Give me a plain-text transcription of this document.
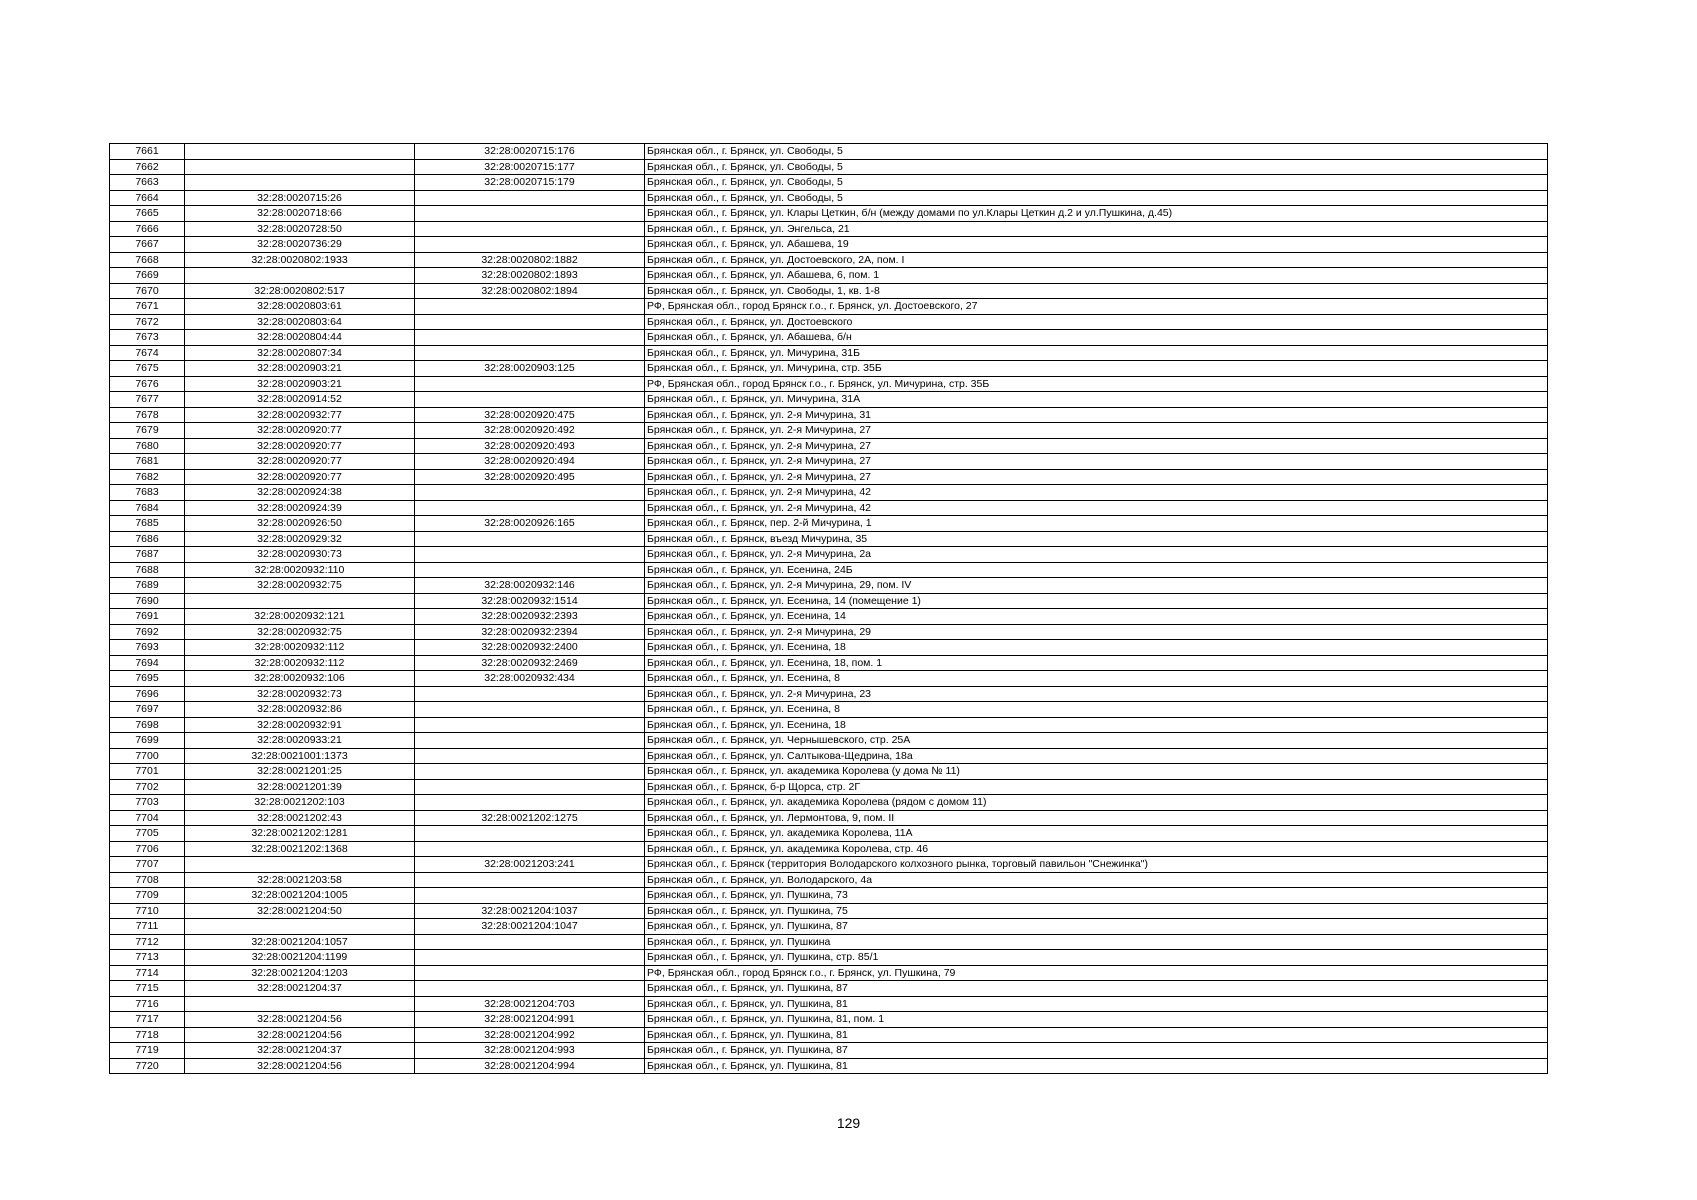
7661		32:28:0020715:176	Брянская обл., г. Брянск, ул. Свободы, 5
7662		32:28:0020715:177	Брянская обл., г. Брянск, ул. Свободы, 5
7663		32:28:0020715:179	Брянская обл., г. Брянск, ул. Свободы, 5
7664	32:28:0020715:26		Брянская обл., г. Брянск, ул. Свободы, 5
7665	32:28:0020718:66		Брянская обл., г. Брянск, ул. Клары Цеткин, б/н (между домами по ул.Клары Цеткин д.2 и ул.Пушкина, д.45)
7666	32:28:0020728:50		Брянская обл., г. Брянск, ул. Энгельса, 21
7667	32:28:0020736:29		Брянская обл., г. Брянск, ул. Абашева, 19
7668	32:28:0020802:1933	32:28:0020802:1882	Брянская обл., г. Брянск, ул. Достоевского, 2А, пом. I
7669		32:28:0020802:1893	Брянская обл., г. Брянск, ул. Абашева, 6, пом. 1
7670	32:28:0020802:517	32:28:0020802:1894	Брянская обл., г. Брянск, ул. Свободы, 1, кв. 1-8
7671	32:28:0020803:61		РФ, Брянская обл., город Брянск г.о., г. Брянск, ул. Достоевского, 27
7672	32:28:0020803:64		Брянская обл., г. Брянск, ул. Достоевского
7673	32:28:0020804:44		Брянская обл., г. Брянск, ул. Абашева, б/н
7674	32:28:0020807:34		Брянская обл., г. Брянск, ул. Мичурина, 31Б
7675	32:28:0020903:21	32:28:0020903:125	Брянская обл., г. Брянск, ул. Мичурина, стр. 35Б
7676	32:28:0020903:21		РФ, Брянская обл., город Брянск г.о., г. Брянск, ул. Мичурина, стр. 35Б
7677	32:28:0020914:52		Брянская обл., г. Брянск, ул. Мичурина, 31А
7678	32:28:0020932:77	32:28:0020920:475	Брянская обл., г. Брянск, ул. 2-я Мичурина, 31
7679	32:28:0020920:77	32:28:0020920:492	Брянская обл., г. Брянск, ул. 2-я Мичурина, 27
7680	32:28:0020920:77	32:28:0020920:493	Брянская обл., г. Брянск, ул. 2-я Мичурина, 27
7681	32:28:0020920:77	32:28:0020920:494	Брянская обл., г. Брянск, ул. 2-я Мичурина, 27
7682	32:28:0020920:77	32:28:0020920:495	Брянская обл., г. Брянск, ул. 2-я Мичурина, 27
7683	32:28:0020924:38		Брянская обл., г. Брянск, ул. 2-я Мичурина, 42
7684	32:28:0020924:39		Брянская обл., г. Брянск, ул. 2-я Мичурина, 42
7685	32:28:0020926:50	32:28:0020926:165	Брянская обл., г. Брянск, пер. 2-й Мичурина, 1
7686	32:28:0020929:32		Брянская обл., г. Брянск, въезд Мичурина, 35
7687	32:28:0020930:73		Брянская обл., г. Брянск, ул. 2-я Мичурина, 2а
7688	32:28:0020932:110		Брянская обл., г. Брянск, ул. Есенина, 24Б
7689	32:28:0020932:75	32:28:0020932:146	Брянская обл., г. Брянск, ул. 2-я Мичурина, 29, пом. IV
7690		32:28:0020932:1514	Брянская обл., г. Брянск, ул. Есенина, 14 (помещение 1)
7691	32:28:0020932:121	32:28:0020932:2393	Брянская обл., г. Брянск, ул. Есенина, 14
7692	32:28:0020932:75	32:28:0020932:2394	Брянская обл., г. Брянск, ул. 2-я Мичурина, 29
7693	32:28:0020932:112	32:28:0020932:2400	Брянская обл., г. Брянск, ул. Есенина, 18
7694	32:28:0020932:112	32:28:0020932:2469	Брянская обл., г. Брянск, ул. Есенина, 18, пом. 1
7695	32:28:0020932:106	32:28:0020932:434	Брянская обл., г. Брянск, ул. Есенина, 8
7696	32:28:0020932:73		Брянская обл., г. Брянск, ул. 2-я Мичурина, 23
7697	32:28:0020932:86		Брянская обл., г. Брянск, ул. Есенина, 8
7698	32:28:0020932:91		Брянская обл., г. Брянск, ул. Есенина, 18
7699	32:28:0020933:21		Брянская обл., г. Брянск, ул. Чернышевского, стр. 25А
7700	32:28:0021001:1373		Брянская обл., г. Брянск, ул. Салтыкова-Щедрина, 18а
7701	32:28:0021201:25		Брянская обл., г. Брянск, ул. академика Королева (у дома № 11)
7702	32:28:0021201:39		Брянская обл., г. Брянск, б-р Щорса, стр. 2Г
7703	32:28:0021202:103		Брянская обл., г. Брянск, ул. академика Королева (рядом с домом 11)
7704	32:28:0021202:43	32:28:0021202:1275	Брянская обл., г. Брянск, ул. Лермонтова, 9, пом. II
7705	32:28:0021202:1281		Брянская обл., г. Брянск, ул. академика Королева, 11А
7706	32:28:0021202:1368		Брянская обл., г. Брянск, ул. академика Королева, стр. 46
7707		32:28:0021203:241	Брянская обл., г. Брянск (территория Володарского колхозного рынка, торговый павильон "Снежинка")
7708	32:28:0021203:58		Брянская обл., г. Брянск, ул. Володарского, 4а
7709	32:28:0021204:1005		Брянская обл., г. Брянск, ул. Пушкина, 73
7710	32:28:0021204:50	32:28:0021204:1037	Брянская обл., г. Брянск, ул. Пушкина, 75
7711		32:28:0021204:1047	Брянская обл., г. Брянск, ул. Пушкина, 87
7712	32:28:0021204:1057		Брянская обл., г. Брянск, ул. Пушкина
7713	32:28:0021204:1199		Брянская обл., г. Брянск, ул. Пушкина, стр. 85/1
7714	32:28:0021204:1203		РФ, Брянская обл., город Брянск г.о., г. Брянск, ул. Пушкина, 79
7715	32:28:0021204:37		Брянская обл., г. Брянск, ул. Пушкина, 87
7716		32:28:0021204:703	Брянская обл., г. Брянск, ул. Пушкина, 81
7717	32:28:0021204:56	32:28:0021204:991	Брянская обл., г. Брянск, ул. Пушкина, 81, пом. 1
7718	32:28:0021204:56	32:28:0021204:992	Брянская обл., г. Брянск, ул. Пушкина, 81
7719	32:28:0021204:37	32:28:0021204:993	Брянская обл., г. Брянск, ул. Пушкина, 87
7720	32:28:0021204:56	32:28:0021204:994	Брянская обл., г. Брянск, ул. Пушкина, 81
129
